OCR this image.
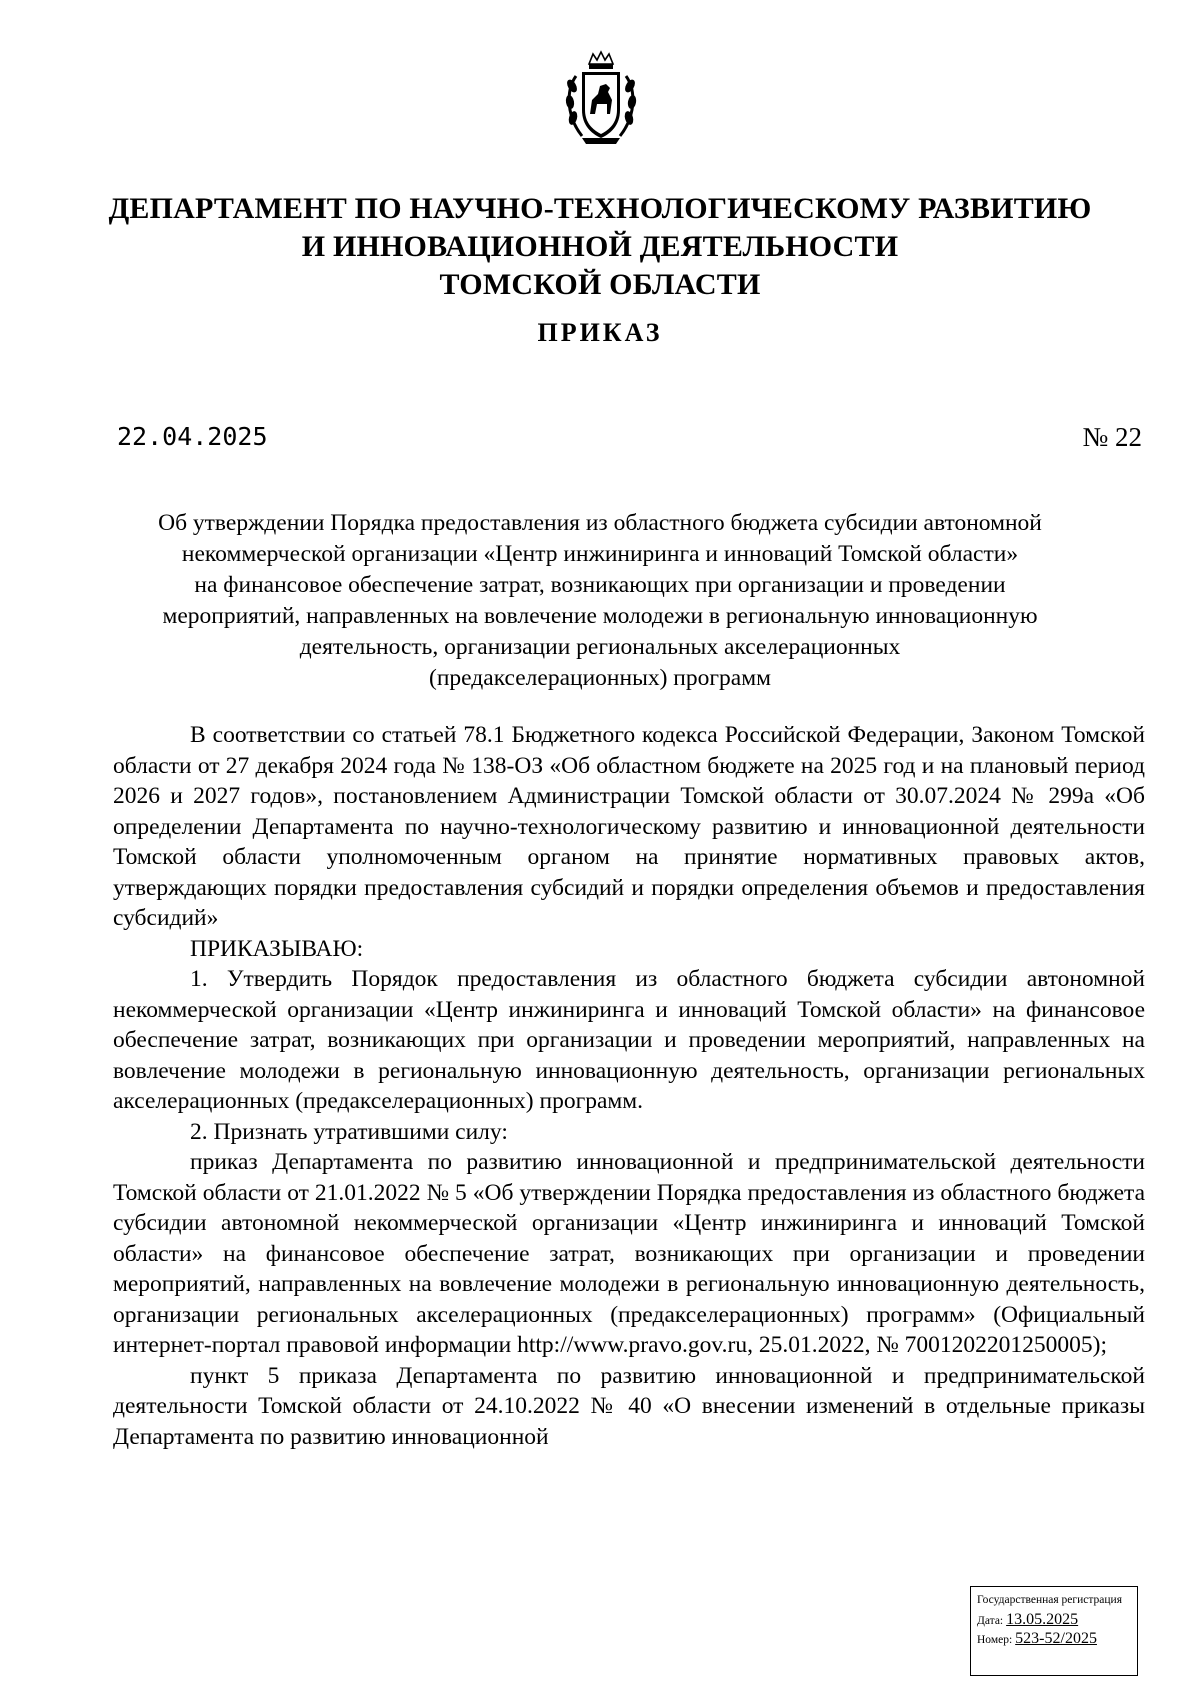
ДЕПАРТАМЕНТ ПО НАУЧНО-ТЕХНОЛОГИЧЕСКОМУ РАЗВИТИЮ
И ИННОВАЦИОННОЙ ДЕЯТЕЛЬНОСТИ
ТОМСКОЙ ОБЛАСТИ
ПРИКАЗ
22.04.2025	№ 22
Об утверждении Порядка предоставления из областного бюджета субсидии автономной
некоммерческой организации «Центр инжиниринга и инноваций Томской области»
на финансовое обеспечение затрат, возникающих при организации и проведении
мероприятий, направленных на вовлечение молодежи в региональную инновационную
деятельность, организации региональных акселерационных
(предакселерационных) программ

В соответствии со статьей 78.1 Бюджетного кодекса Российской Федерации, Законом Томской области от 27 декабря 2024 года № 138-ОЗ «Об областном бюджете на 2025 год и на плановый период 2026 и 2027 годов», постановлением Администрации Томской области от 30.07.2024 № 299а «Об определении Департамента по научно-технологическому развитию и инновационной деятельности Томской области уполномоченным органом на принятие нормативных правовых актов, утверждающих порядки предоставления субсидий и порядки определения объемов и предоставления субсидий»

ПРИКАЗЫВАЮ:

1. Утвердить Порядок предоставления из областного бюджета субсидии автономной некоммерческой организации «Центр инжиниринга и инноваций Томской области» на финансовое обеспечение затрат, возникающих при организации и проведении мероприятий, направленных на вовлечение молодежи в региональную инновационную деятельность, организации региональных акселерационных (предакселерационных) программ.

2. Признать утратившими силу:

приказ Департамента по развитию инновационной и предпринимательской деятельности Томской области от 21.01.2022 № 5 «Об утверждении Порядка предоставления из областного бюджета субсидии автономной некоммерческой организации «Центр инжиниринга и инноваций Томской области» на финансовое обеспечение затрат, возникающих при организации и проведении мероприятий, направленных на вовлечение молодежи в региональную инновационную деятельность, организации региональных акселерационных (предакселерационных) программ» (Официальный интернет-портал правовой информации http://www.pravo.gov.ru, 25.01.2022, № 7001202201250005);

пункт 5 приказа Департамента по развитию инновационной и предпринимательской деятельности Томской области от 24.10.2022 № 40 «О внесении изменений в отдельные приказы Департамента по развитию инновационной

Государственная регистрация
Дата: 13.05.2025
Номер: 523-52/2025
